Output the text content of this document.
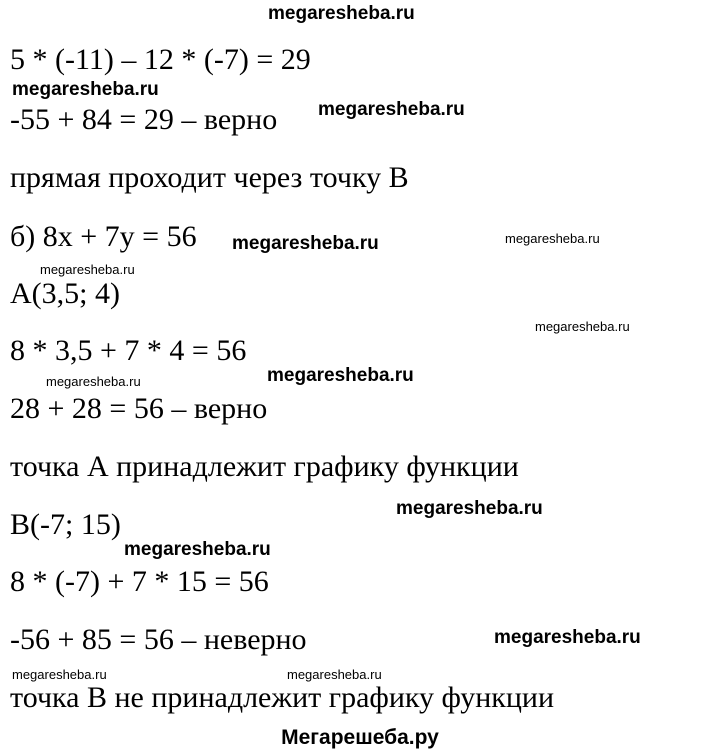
megaresheba.ru
5 * (-11) – 12 * (-7) = 29
-55 + 84 = 29 – верно
прямая проходит через точку В
б) 8x + 7y = 56
A(3,5; 4)
8 * 3,5 + 7 * 4 = 56
28 + 28 = 56 – верно
точка А принадлежит графику функции
B(-7; 15)
8 * (-7) + 7 * 15 = 56
-56 + 85 = 56 – неверно
точка В не принадлежит графику функции
megaresheba.ru
megaresheba.ru
megaresheba.ru	megaresheba.ru
megaresheba.ru
megaresheba.ru
megaresheba.ru
megaresheba.ru
megaresheba.ru
megaresheba.ru
megaresheba.ru
megaresheba.ru	megaresheba.ru
Мегарешеба.ру
